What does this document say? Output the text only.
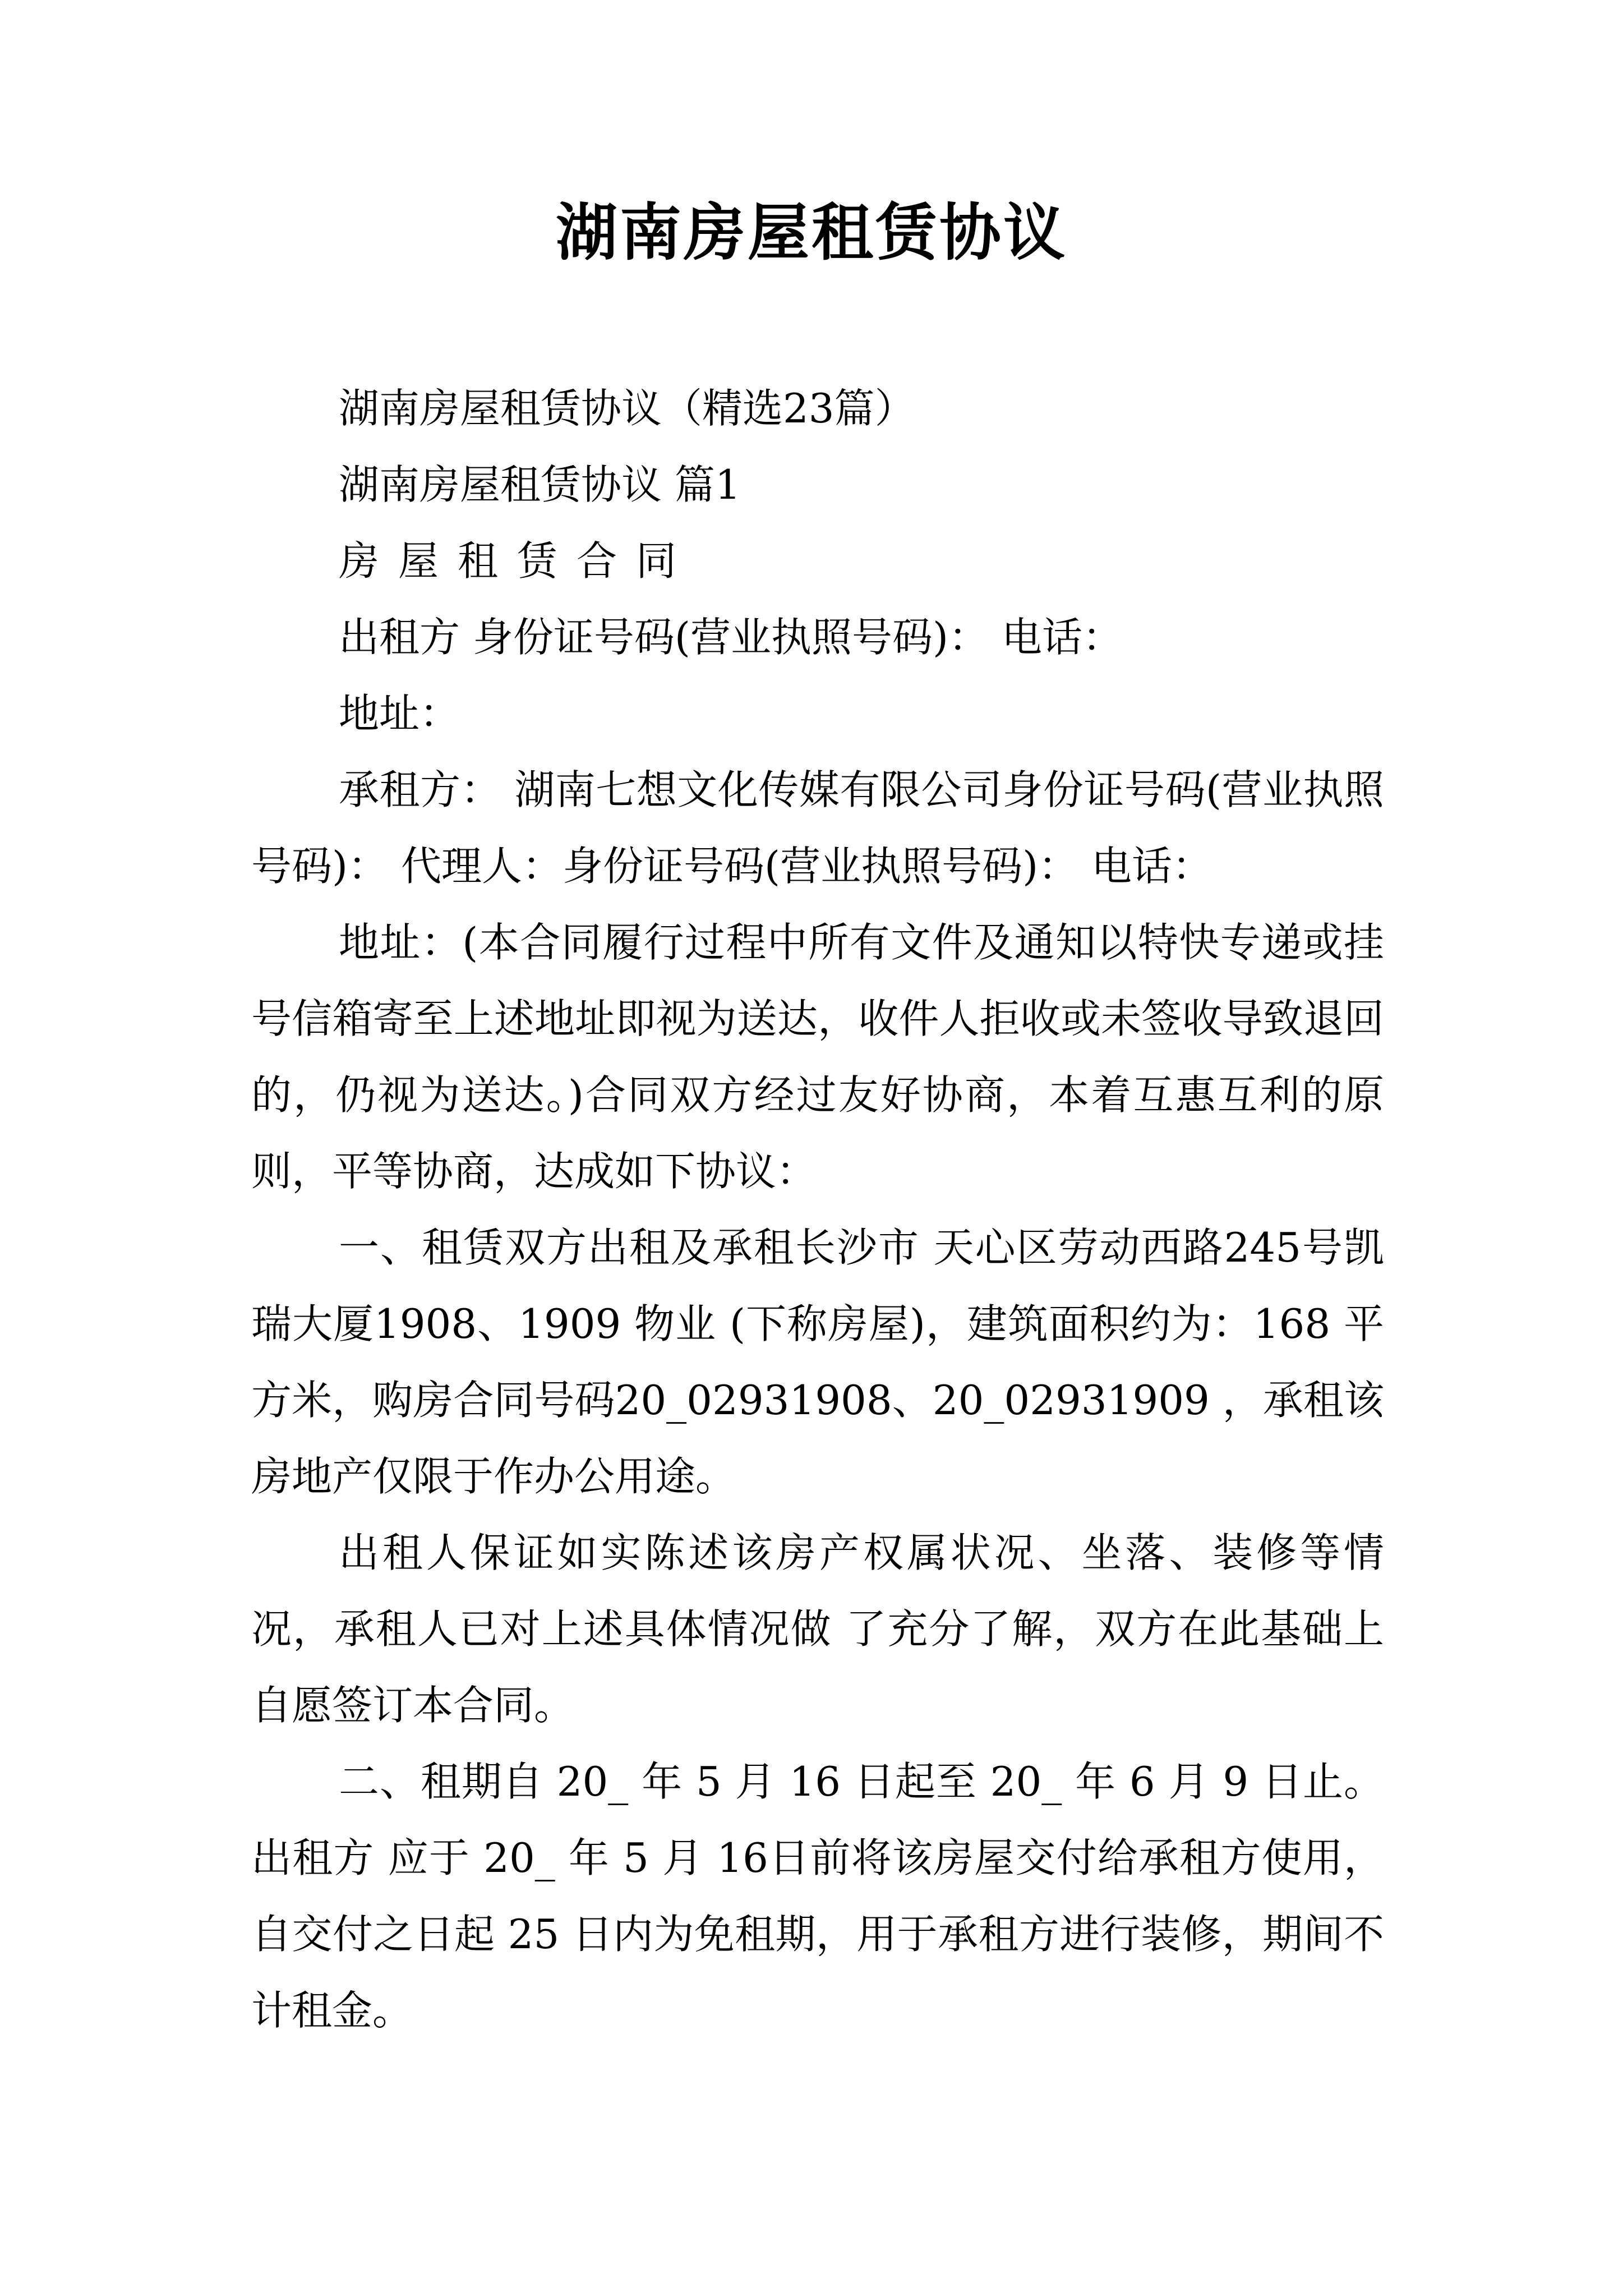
湖南房屋租赁协议

湖南房屋租赁协议（精选23篇）

湖南房屋租赁协议 篇1

房屋租赁合同

出租方 身份证号码(营业执照号码)： 电话：

地址：

承租方： 湖南七想文化传媒有限公司身份证号码(营业执照号码)： 代理人：身份证号码(营业执照号码)： 电话：

地址：(本合同履行过程中所有文件及通知以特快专递或挂号信箱寄至上述地址即视为送达，收件人拒收或未签收导致退回的，仍视为送达。)合同双方经过友好协商，本着互惠互利的原则，平等协商，达成如下协议：

一、租赁双方出租及承租长沙市 天心区劳动西路245号凯瑞大厦1908、1909 物业 (下称房屋)，建筑面积约为：168 平方米，购房合同号码20_02931908、20_02931909 ，承租该房地产仅限于作办公用途。

出租人保证如实陈述该房产权属状况、坐落、装修等情况，承租人已对上述具体情况做 了充分了解，双方在此基础上自愿签订本合同。

二、租期自 20_ 年 5 月 16 日起至 20_ 年 6 月 9 日止。出租方 应于 20_ 年 5 月 16日前将该房屋交付给承租方使用，自交付之日起 25 日内为免租期，用于承租方进行装修，期间不计租金。
